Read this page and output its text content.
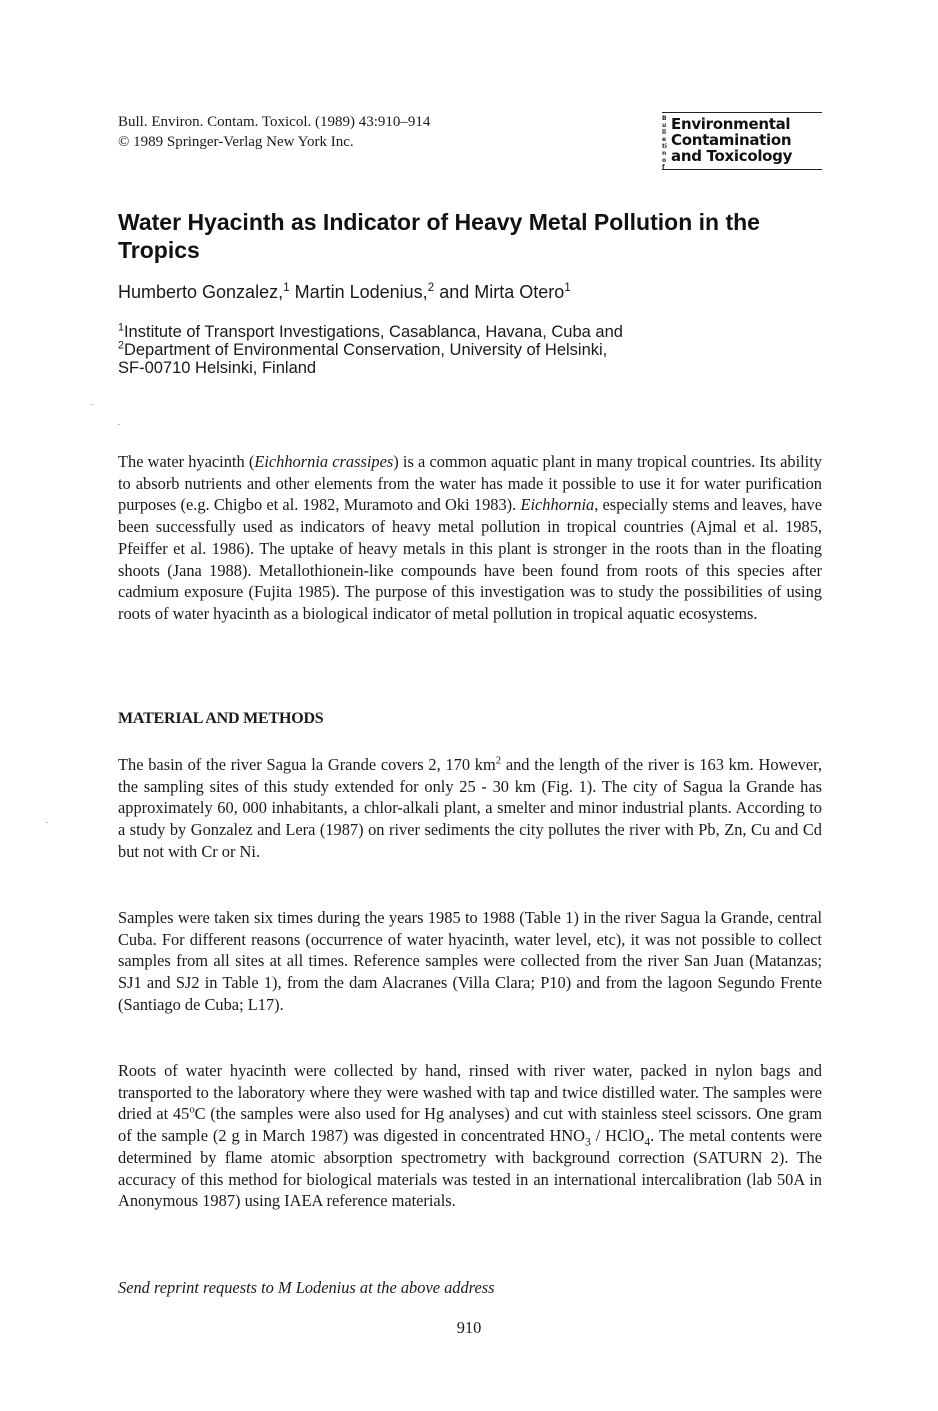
Bull. Environ. Contam. Toxicol. (1989) 43:910–914
© 1989 Springer-Verlag New York Inc.
Bulletin of
Environmental
Contamination
and Toxicology
Water Hyacinth as Indicator of Heavy Metal Pollution in the Tropics
Humberto Gonzalez,$^1$ Martin Lodenius,$^2$ and Mirta Otero$^1$
$^1$Institute of Transport Investigations, Casablanca, Havana, Cuba and
$^2$Department of Environmental Conservation, University of Helsinki,
SF-00710 Helsinki, Finland

The water hyacinth (Eichhornia crassipes) is a common aquatic plant in many tropical countries. Its ability to absorb nutrients and other elements from the water has made it possible to use it for water purification purposes (e.g. Chigbo et al. 1982, Muramoto and Oki 1983). Eichhornia, especially stems and leaves, have been successfully used as indicators of heavy metal pollution in tropical countries (Ajmal et al. 1985, Pfeiffer et al. 1986). The uptake of heavy metals in this plant is stronger in the roots than in the floating shoots (Jana 1988). Metallothionein-like compounds have been found from roots of this species after cadmium exposure (Fujita 1985). The purpose of this investigation was to study the possibilities of using roots of water hyacinth as a biological indicator of metal pollution in tropical aquatic ecosystems.

MATERIAL AND METHODS

The basin of the river Sagua la Grande covers 2, 170 $km^2$ and the length of the river is 163 km. However, the sampling sites of this study extended for only 25 - 30 km (Fig. 1). The city of Sagua la Grande has approximately 60, 000 inhabitants, a chlor-alkali plant, a smelter and minor industrial plants. According to a study by Gonzalez and Lera (1987) on river sediments the city pollutes the river with Pb, Zn, Cu and Cd but not with Cr or Ni.

Samples were taken six times during the years 1985 to 1988 (Table 1) in the river Sagua la Grande, central Cuba. For different reasons (occurrence of water hyacinth, water level, etc), it was not possible to collect samples from all sites at all times. Reference samples were collected from the river San Juan (Matanzas; SJ1 and SJ2 in Table 1), from the dam Alacranes (Villa Clara; P10) and from the lagoon Segundo Frente (Santiago de Cuba; L17).

Roots of water hyacinth were collected by hand, rinsed with river water, packed in nylon bags and transported to the laboratory where they were washed with tap and twice distilled water. The samples were dried at 45$^o$C (the samples were also used for Hg analyses) and cut with stainless steel scissors. One gram of the sample (2 g in March 1987) was digested in concentrated $HNO_3$ / HClO$_4$. The metal contents were determined by flame atomic absorption spectrometry with background correction (SATURN 2). The accuracy of this method for biological materials was tested in an international intercalibration (lab 50A in Anonymous 1987) using IAEA reference materials.

Send reprint requests to M Lodenius at the above address
910
